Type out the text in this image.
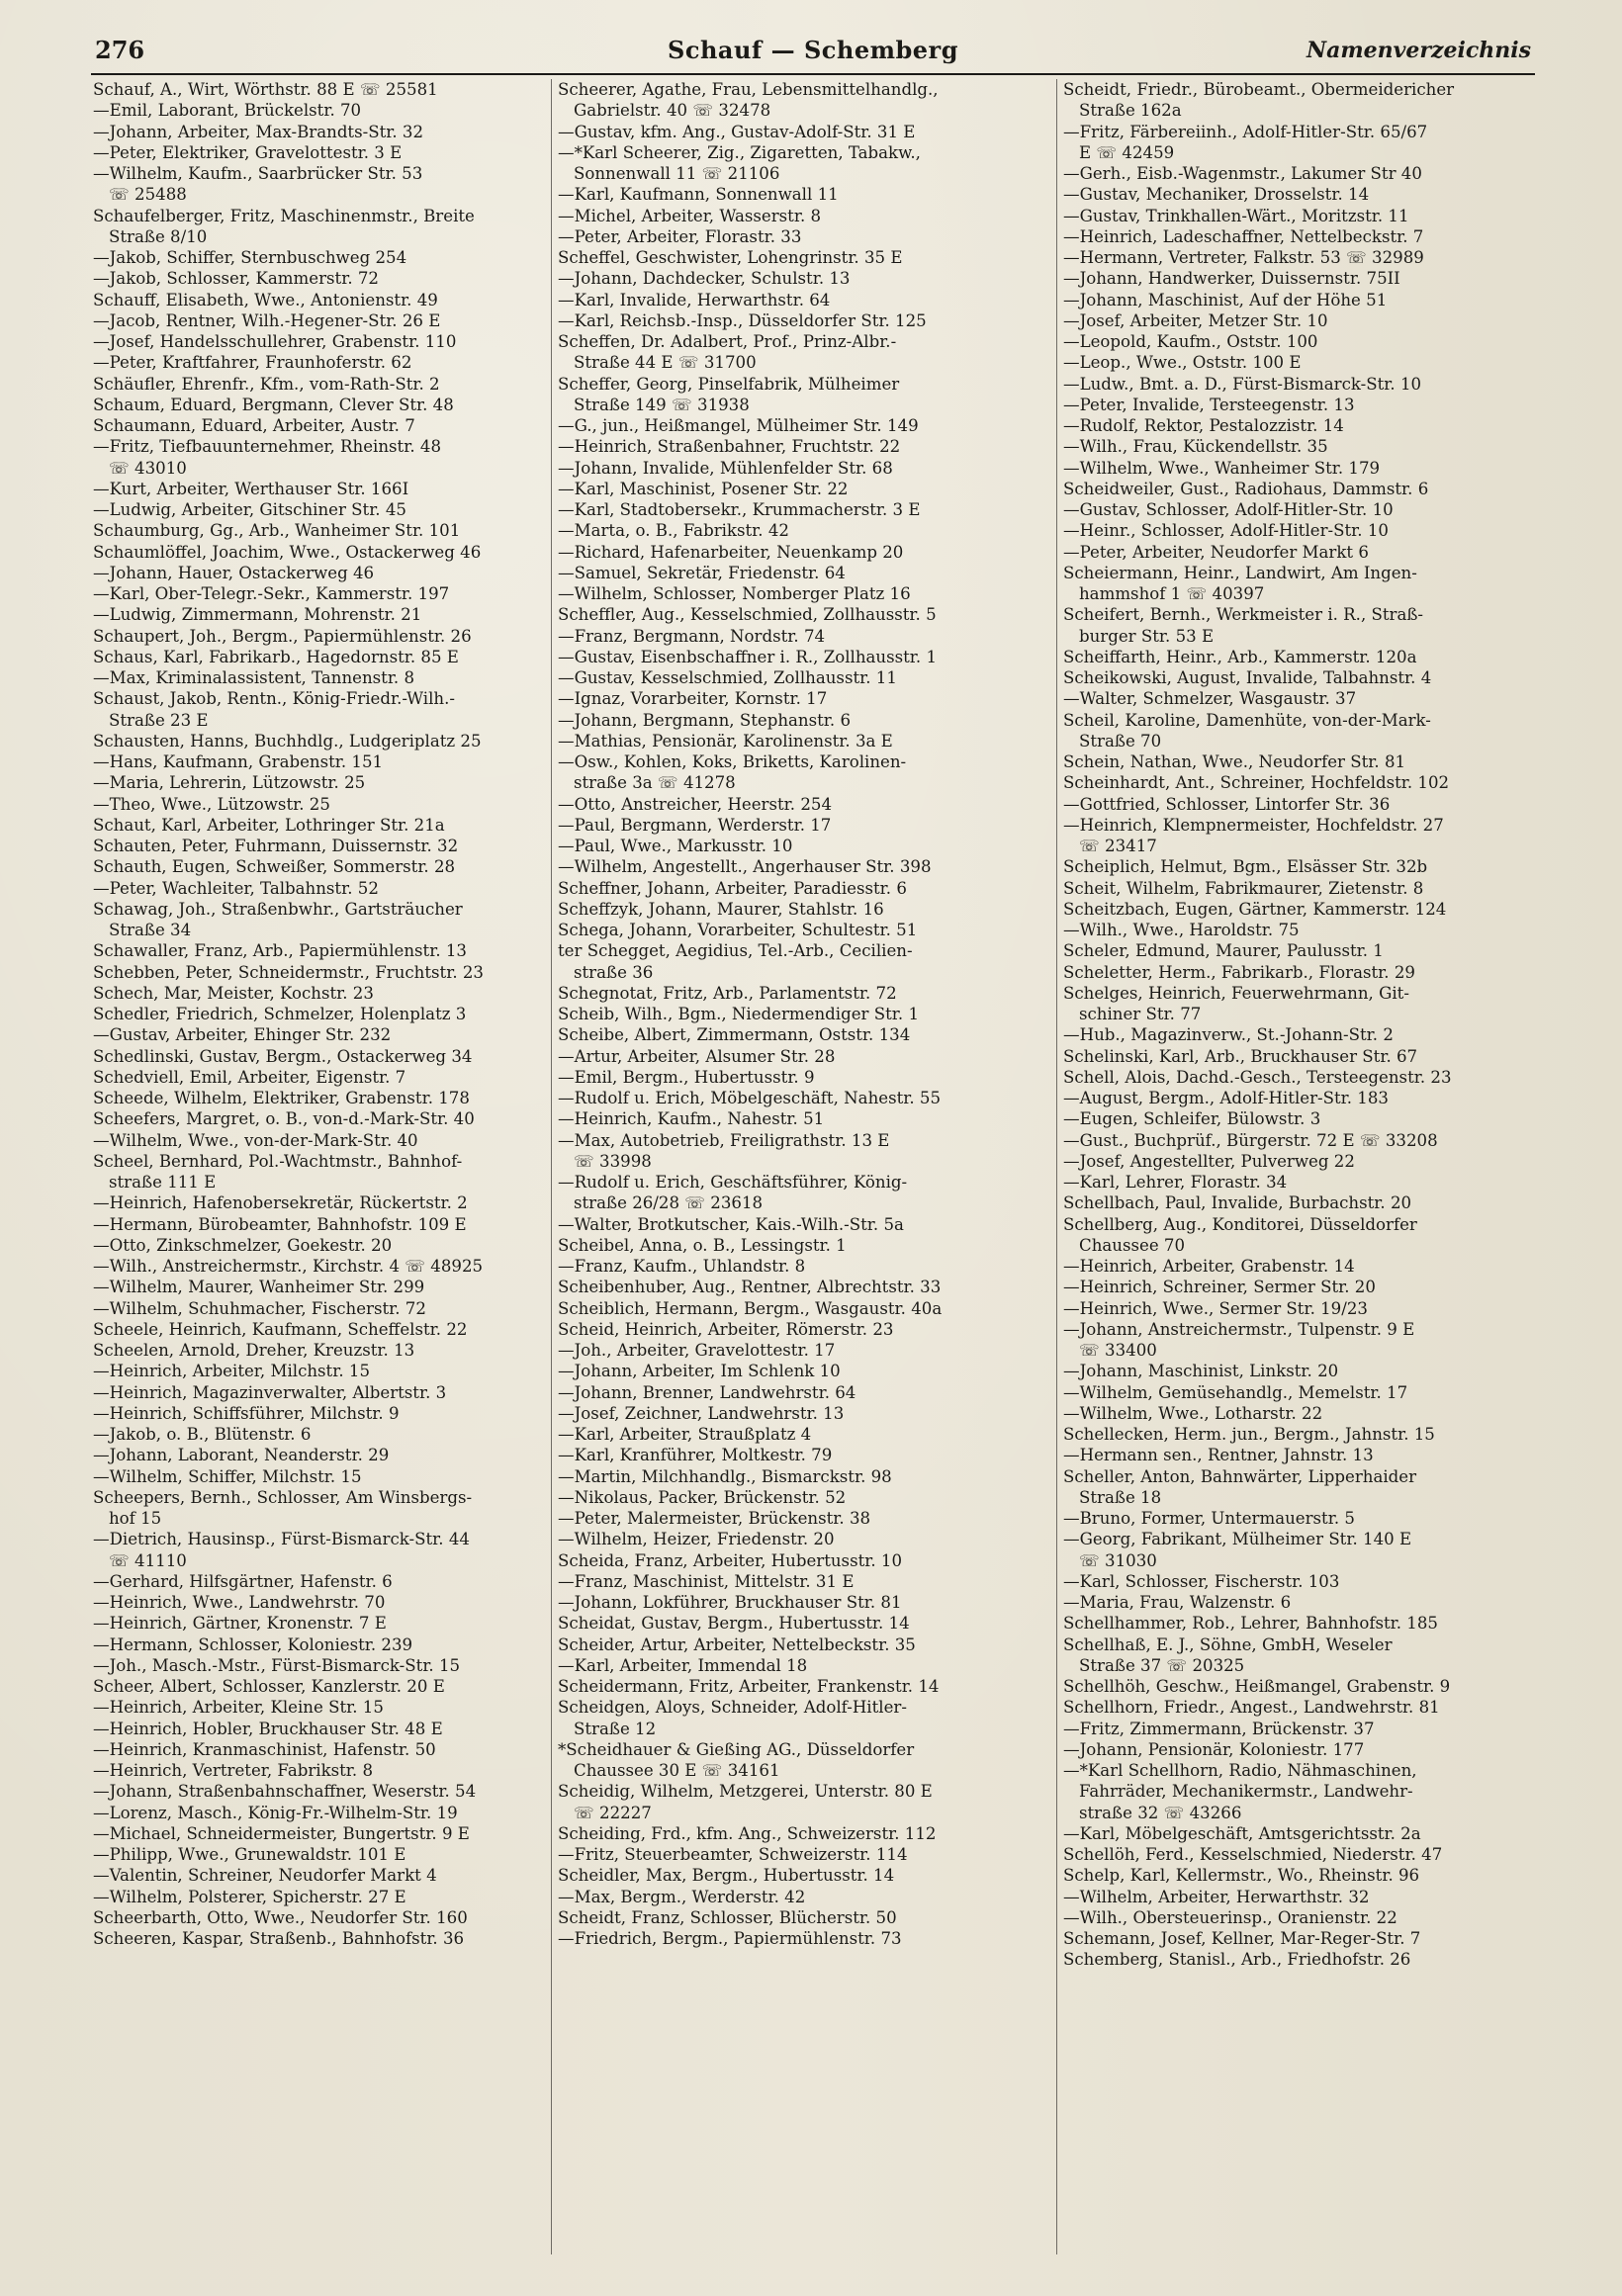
276	Schauf — Schemberg	Namenverzeichnis
Schauf, A., Wirt, Wörthstr. 88 E ☏ 25581
—Emil, Laborant, Brückelstr. 70
—Johann, Arbeiter, Max-Brandts-Str. 32
—Peter, Elektriker, Gravelottestr. 3 E
—Wilhelm, Kaufm., Saarbrücker Str. 53
☏ 25488
Schaufelberger, Fritz, Maschinenmstr., Breite
Straße 8/10
—Jakob, Schiffer, Sternbuschweg 254
—Jakob, Schlosser, Kammerstr. 72
Schauff, Elisabeth, Wwe., Antonienstr. 49
—Jacob, Rentner, Wilh.-Hegener-Str. 26 E
—Josef, Handelsschullehrer, Grabenstr. 110
—Peter, Kraftfahrer, Fraunhoferstr. 62
Schäufler, Ehrenfr., Kfm., vom-Rath-Str. 2
Schaum, Eduard, Bergmann, Clever Str. 48
Schaumann, Eduard, Arbeiter, Austr. 7
—Fritz, Tiefbauunternehmer, Rheinstr. 48
☏ 43010
—Kurt, Arbeiter, Werthauser Str. 166I
—Ludwig, Arbeiter, Gitschiner Str. 45
Schaumburg, Gg., Arb., Wanheimer Str. 101
Schaumlöffel, Joachim, Wwe., Ostackerweg 46
—Johann, Hauer, Ostackerweg 46
—Karl, Ober-Telegr.-Sekr., Kammerstr. 197
—Ludwig, Zimmermann, Mohrenstr. 21
Schaupert, Joh., Bergm., Papiermühlenstr. 26
Schaus, Karl, Fabrikarb., Hagedornstr. 85 E
—Max, Kriminalassistent, Tannenstr. 8
Schaust, Jakob, Rentn., König-Friedr.-Wilh.-
Straße 23 E
Schausten, Hanns, Buchhdlg., Ludgeriplatz 25
—Hans, Kaufmann, Grabenstr. 151
—Maria, Lehrerin, Lützowstr. 25
—Theo, Wwe., Lützowstr. 25
Schaut, Karl, Arbeiter, Lothringer Str. 21a
Schauten, Peter, Fuhrmann, Duissernstr. 32
Schauth, Eugen, Schweißer, Sommerstr. 28
—Peter, Wachleiter, Talbahnstr. 52
Schawag, Joh., Straßenbwhr., Gartsträucher
Straße 34
Schawaller, Franz, Arb., Papiermühlenstr. 13
Schebben, Peter, Schneidermstr., Fruchtstr. 23
Schech, Mar, Meister, Kochstr. 23
Schedler, Friedrich, Schmelzer, Holenplatz 3
—Gustav, Arbeiter, Ehinger Str. 232
Schedlinski, Gustav, Bergm., Ostackerweg 34
Schedviell, Emil, Arbeiter, Eigenstr. 7
Scheede, Wilhelm, Elektriker, Grabenstr. 178
Scheefers, Margret, o. B., von-d.-Mark-Str. 40
—Wilhelm, Wwe., von-der-Mark-Str. 40
Scheel, Bernhard, Pol.-Wachtmstr., Bahnhof-
straße 111 E
—Heinrich, Hafenobersekretär, Rückertstr. 2
—Hermann, Bürobeamter, Bahnhofstr. 109 E
—Otto, Zinkschmelzer, Goekestr. 20
—Wilh., Anstreichermstr., Kirchstr. 4 ☏ 48925
—Wilhelm, Maurer, Wanheimer Str. 299
—Wilhelm, Schuhmacher, Fischerstr. 72
Scheele, Heinrich, Kaufmann, Scheffelstr. 22
Scheelen, Arnold, Dreher, Kreuzstr. 13
—Heinrich, Arbeiter, Milchstr. 15
—Heinrich, Magazinverwalter, Albertstr. 3
—Heinrich, Schiffsführer, Milchstr. 9
—Jakob, o. B., Blütenstr. 6
—Johann, Laborant, Neanderstr. 29
—Wilhelm, Schiffer, Milchstr. 15
Scheepers, Bernh., Schlosser, Am Winsbergs-
hof 15
—Dietrich, Hausinsp., Fürst-Bismarck-Str. 44
☏ 41110
—Gerhard, Hilfsgärtner, Hafenstr. 6
—Heinrich, Wwe., Landwehrstr. 70
—Heinrich, Gärtner, Kronenstr. 7 E
—Hermann, Schlosser, Koloniestr. 239
—Joh., Masch.-Mstr., Fürst-Bismarck-Str. 15
Scheer, Albert, Schlosser, Kanzlerstr. 20 E
—Heinrich, Arbeiter, Kleine Str. 15
—Heinrich, Hobler, Bruckhauser Str. 48 E
—Heinrich, Kranmaschinist, Hafenstr. 50
—Heinrich, Vertreter, Fabrikstr. 8
—Johann, Straßenbahnschaffner, Weserstr. 54
—Lorenz, Masch., König-Fr.-Wilhelm-Str. 19
—Michael, Schneidermeister, Bungertstr. 9 E
—Philipp, Wwe., Grunewaldstr. 101 E
—Valentin, Schreiner, Neudorfer Markt 4
—Wilhelm, Polsterer, Spicherstr. 27 E
Scheerbarth, Otto, Wwe., Neudorfer Str. 160
Scheeren, Kaspar, Straßenb., Bahnhofstr. 36
Scheerer, Agathe, Frau, Lebensmittelhandlg.,
Gabrielstr. 40 ☏ 32478
—Gustav, kfm. Ang., Gustav-Adolf-Str. 31 E
—*Karl Scheerer, Zig., Zigaretten, Tabakw.,
Sonnenwall 11 ☏ 21106
—Karl, Kaufmann, Sonnenwall 11
—Michel, Arbeiter, Wasserstr. 8
—Peter, Arbeiter, Florastr. 33
Scheffel, Geschwister, Lohengrinstr. 35 E
—Johann, Dachdecker, Schulstr. 13
—Karl, Invalide, Herwarthstr. 64
—Karl, Reichsb.-Insp., Düsseldorfer Str. 125
Scheffen, Dr. Adalbert, Prof., Prinz-Albr.-
Straße 44 E ☏ 31700
Scheffer, Georg, Pinselfabrik, Mülheimer
Straße 149 ☏ 31938
—G., jun., Heißmangel, Mülheimer Str. 149
—Heinrich, Straßenbahner, Fruchtstr. 22
—Johann, Invalide, Mühlenfelder Str. 68
—Karl, Maschinist, Posener Str. 22
—Karl, Stadtobersekr., Krummacherstr. 3 E
—Marta, o. B., Fabrikstr. 42
—Richard, Hafenarbeiter, Neuenkamp 20
—Samuel, Sekretär, Friedenstr. 64
—Wilhelm, Schlosser, Nomberger Platz 16
Scheffler, Aug., Kesselschmied, Zollhausstr. 5
—Franz, Bergmann, Nordstr. 74
—Gustav, Eisenbschaffner i. R., Zollhausstr. 1
—Gustav, Kesselschmied, Zollhausstr. 11
—Ignaz, Vorarbeiter, Kornstr. 17
—Johann, Bergmann, Stephanstr. 6
—Mathias, Pensionär, Karolinenstr. 3a E
—Osw., Kohlen, Koks, Briketts, Karolinen-
straße 3a ☏ 41278
—Otto, Anstreicher, Heerstr. 254
—Paul, Bergmann, Werderstr. 17
—Paul, Wwe., Markusstr. 10
—Wilhelm, Angestellt., Angerhauser Str. 398
Scheffner, Johann, Arbeiter, Paradiesstr. 6
Scheffzyk, Johann, Maurer, Stahlstr. 16
Schega, Johann, Vorarbeiter, Schultestr. 51
ter Schegget, Aegidius, Tel.-Arb., Cecilien-
straße 36
Schegnotat, Fritz, Arb., Parlamentstr. 72
Scheib, Wilh., Bgm., Niedermendiger Str. 1
Scheibe, Albert, Zimmermann, Oststr. 134
—Artur, Arbeiter, Alsumer Str. 28
—Emil, Bergm., Hubertusstr. 9
—Rudolf u. Erich, Möbelgeschäft, Nahestr. 55
—Heinrich, Kaufm., Nahestr. 51
—Max, Autobetrieb, Freiligrathstr. 13 E
☏ 33998
—Rudolf u. Erich, Geschäftsführer, König-
straße 26/28 ☏ 23618
—Walter, Brotkutscher, Kais.-Wilh.-Str. 5a
Scheibel, Anna, o. B., Lessingstr. 1
—Franz, Kaufm., Uhlandstr. 8
Scheibenhuber, Aug., Rentner, Albrechtstr. 33
Scheiblich, Hermann, Bergm., Wasgaustr. 40a
Scheid, Heinrich, Arbeiter, Römerstr. 23
—Joh., Arbeiter, Gravelottestr. 17
—Johann, Arbeiter, Im Schlenk 10
—Johann, Brenner, Landwehrstr. 64
—Josef, Zeichner, Landwehrstr. 13
—Karl, Arbeiter, Straußplatz 4
—Karl, Kranführer, Moltkestr. 79
—Martin, Milchhandlg., Bismarckstr. 98
—Nikolaus, Packer, Brückenstr. 52
—Peter, Malermeister, Brückenstr. 38
—Wilhelm, Heizer, Friedenstr. 20
Scheida, Franz, Arbeiter, Hubertusstr. 10
—Franz, Maschinist, Mittelstr. 31 E
—Johann, Lokführer, Bruckhauser Str. 81
Scheidat, Gustav, Bergm., Hubertusstr. 14
Scheider, Artur, Arbeiter, Nettelbeckstr. 35
—Karl, Arbeiter, Immendal 18
Scheidermann, Fritz, Arbeiter, Frankenstr. 14
Scheidgen, Aloys, Schneider, Adolf-Hitler-
Straße 12
*Scheidhauer & Gießing AG., Düsseldorfer
Chaussee 30 E ☏ 34161
Scheidig, Wilhelm, Metzgerei, Unterstr. 80 E
☏ 22227
Scheiding, Frd., kfm. Ang., Schweizerstr. 112
—Fritz, Steuerbeamter, Schweizerstr. 114
Scheidler, Max, Bergm., Hubertusstr. 14
—Max, Bergm., Werderstr. 42
Scheidt, Franz, Schlosser, Blücherstr. 50
—Friedrich, Bergm., Papiermühlenstr. 73
Scheidt, Friedr., Bürobeamt., Obermeidericher
Straße 162a
—Fritz, Färbereiinh., Adolf-Hitler-Str. 65/67
E ☏ 42459
—Gerh., Eisb.-Wagenmstr., Lakumer Str 40
—Gustav, Mechaniker, Drosselstr. 14
—Gustav, Trinkhallen-Wärt., Moritzstr. 11
—Heinrich, Ladeschaffner, Nettelbeckstr. 7
—Hermann, Vertreter, Falkstr. 53 ☏ 32989
—Johann, Handwerker, Duissernstr. 75II
—Johann, Maschinist, Auf der Höhe 51
—Josef, Arbeiter, Metzer Str. 10
—Leopold, Kaufm., Oststr. 100
—Leop., Wwe., Oststr. 100 E
—Ludw., Bmt. a. D., Fürst-Bismarck-Str. 10
—Peter, Invalide, Tersteegenstr. 13
—Rudolf, Rektor, Pestalozzistr. 14
—Wilh., Frau, Kückendellstr. 35
—Wilhelm, Wwe., Wanheimer Str. 179
Scheidweiler, Gust., Radiohaus, Dammstr. 6
—Gustav, Schlosser, Adolf-Hitler-Str. 10
—Heinr., Schlosser, Adolf-Hitler-Str. 10
—Peter, Arbeiter, Neudorfer Markt 6
Scheiermann, Heinr., Landwirt, Am Ingen-
hammshof 1 ☏ 40397
Scheifert, Bernh., Werkmeister i. R., Straß-
burger Str. 53 E
Scheiffarth, Heinr., Arb., Kammerstr. 120a
Scheikowski, August, Invalide, Talbahnstr. 4
—Walter, Schmelzer, Wasgaustr. 37
Scheil, Karoline, Damenhüte, von-der-Mark-
Straße 70
Schein, Nathan, Wwe., Neudorfer Str. 81
Scheinhardt, Ant., Schreiner, Hochfeldstr. 102
—Gottfried, Schlosser, Lintorfer Str. 36
—Heinrich, Klempnermeister, Hochfeldstr. 27
☏ 23417
Scheiplich, Helmut, Bgm., Elsässer Str. 32b
Scheit, Wilhelm, Fabrikmaurer, Zietenstr. 8
Scheitzbach, Eugen, Gärtner, Kammerstr. 124
—Wilh., Wwe., Haroldstr. 75
Scheler, Edmund, Maurer, Paulusstr. 1
Scheletter, Herm., Fabrikarb., Florastr. 29
Schelges, Heinrich, Feuerwehrmann, Git-
schiner Str. 77
—Hub., Magazinverw., St.-Johann-Str. 2
Schelinski, Karl, Arb., Bruckhauser Str. 67
Schell, Alois, Dachd.-Gesch., Tersteegenstr. 23
—August, Bergm., Adolf-Hitler-Str. 183
—Eugen, Schleifer, Bülowstr. 3
—Gust., Buchprüf., Bürgerstr. 72 E ☏ 33208
—Josef, Angestellter, Pulverweg 22
—Karl, Lehrer, Florastr. 34
Schellbach, Paul, Invalide, Burbachstr. 20
Schellberg, Aug., Konditorei, Düsseldorfer
Chaussee 70
—Heinrich, Arbeiter, Grabenstr. 14
—Heinrich, Schreiner, Sermer Str. 20
—Heinrich, Wwe., Sermer Str. 19/23
—Johann, Anstreichermstr., Tulpenstr. 9 E
☏ 33400
—Johann, Maschinist, Linkstr. 20
—Wilhelm, Gemüsehandlg., Memelstr. 17
—Wilhelm, Wwe., Lotharstr. 22
Schellecken, Herm. jun., Bergm., Jahnstr. 15
—Hermann sen., Rentner, Jahnstr. 13
Scheller, Anton, Bahnwärter, Lipperhaider
Straße 18
—Bruno, Former, Untermauerstr. 5
—Georg, Fabrikant, Mülheimer Str. 140 E
☏ 31030
—Karl, Schlosser, Fischerstr. 103
—Maria, Frau, Walzenstr. 6
Schellhammer, Rob., Lehrer, Bahnhofstr. 185
Schellhaß, E. J., Söhne, GmbH, Weseler
Straße 37 ☏ 20325
Schellhöh, Geschw., Heißmangel, Grabenstr. 9
Schellhorn, Friedr., Angest., Landwehrstr. 81
—Fritz, Zimmermann, Brückenstr. 37
—Johann, Pensionär, Koloniestr. 177
—*Karl Schellhorn, Radio, Nähmaschinen,
Fahrräder, Mechanikermstr., Landwehr-
straße 32 ☏ 43266
—Karl, Möbelgeschäft, Amtsgerichtsstr. 2a
Schellöh, Ferd., Kesselschmied, Niederstr. 47
Schelp, Karl, Kellermstr., Wo., Rheinstr. 96
—Wilhelm, Arbeiter, Herwarthstr. 32
—Wilh., Obersteuerinsp., Oranienstr. 22
Schemann, Josef, Kellner, Mar-Reger-Str. 7
Schemberg, Stanisl., Arb., Friedhofstr. 26
